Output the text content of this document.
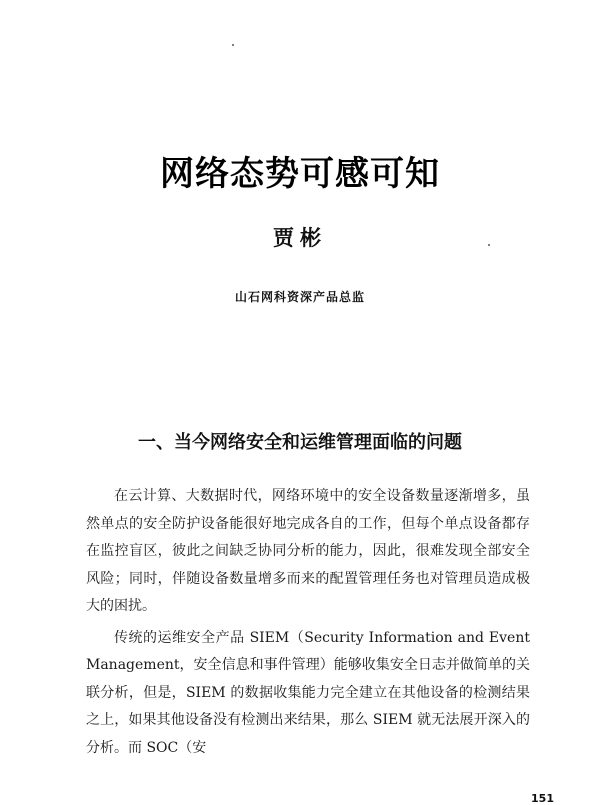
网络态势可感可知
贾彬
山石网科资深产品总监
一、当今网络安全和运维管理面临的问题

在云计算、大数据时代，网络环境中的安全设备数量逐渐增多，虽然单点的安全防护设备能很好地完成各自的工作，但每个单点设备都存在监控盲区，彼此之间缺乏协同分析的能力，因此，很难发现全部安全风险；同时，伴随设备数量增多而来的配置管理任务也对管理员造成极大的困扰。

传统的运维安全产品 SIEM（Security Information and Event Management，安全信息和事件管理）能够收集安全日志并做简单的关联分析，但是，SIEM 的数据收集能力完全建立在其他设备的检测结果之上，如果其他设备没有检测出来结果，那么 SIEM 就无法展开深入的分析。而 SOC（安

151
